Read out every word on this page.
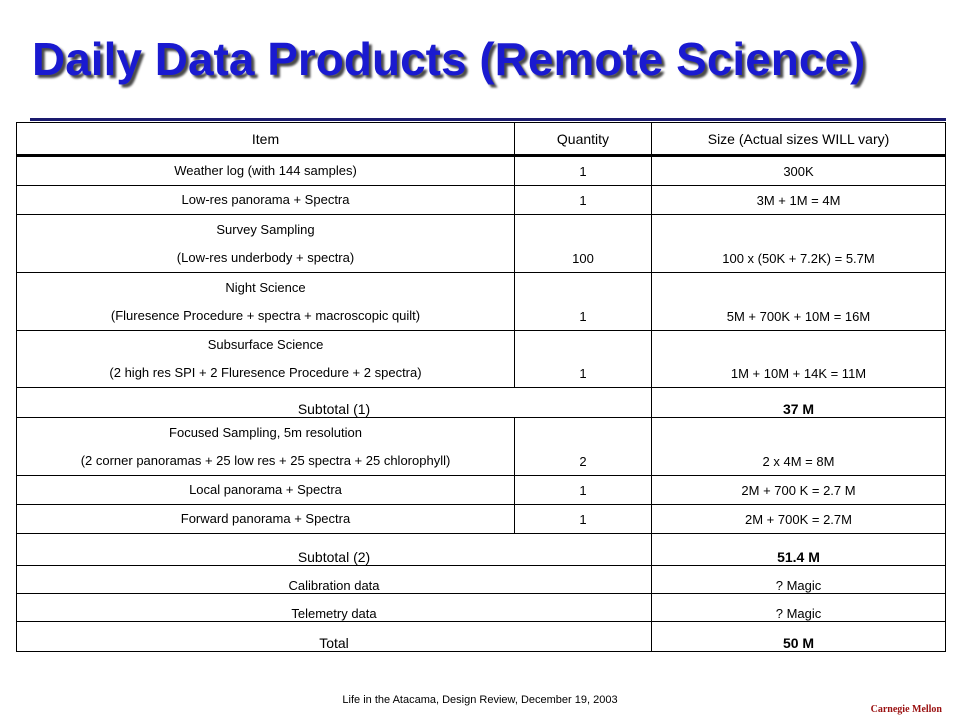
Daily Data Products (Remote Science)
Item	Quantity	Size (Actual sizes WILL vary)

Weather log (with 144 samples)	1	300K

Low-res panorama + Spectra	1	3M + 1M = 4M

Survey Sampling
(Low-res underbody + spectra)	100	100 x (50K + 7.2K) = 5.7M

Night Science
(Fluresence Procedure + spectra + macroscopic quilt)	1	5M + 700K + 10M = 16M

Subsurface Science
(2 high res SPI + 2 Fluresence Procedure + 2 spectra)	1	1M + 10M + 14K = 11M
Subtotal (1)		37 M

Focused Sampling, 5m resolution
(2 corner panoramas + 25 low res + 25 spectra + 25 chlorophyll)	2	2 x 4M = 8M

Local panorama + Spectra	1	2M + 700 K = 2.7 M

Forward panorama + Spectra	1	2M + 700K = 2.7M
Subtotal (2)		51.4 M
Calibration data		? Magic
Telemetry data		? Magic
Total		50 M
Life in the Atacama, Design Review, December 19, 2003
Carnegie Mellon
